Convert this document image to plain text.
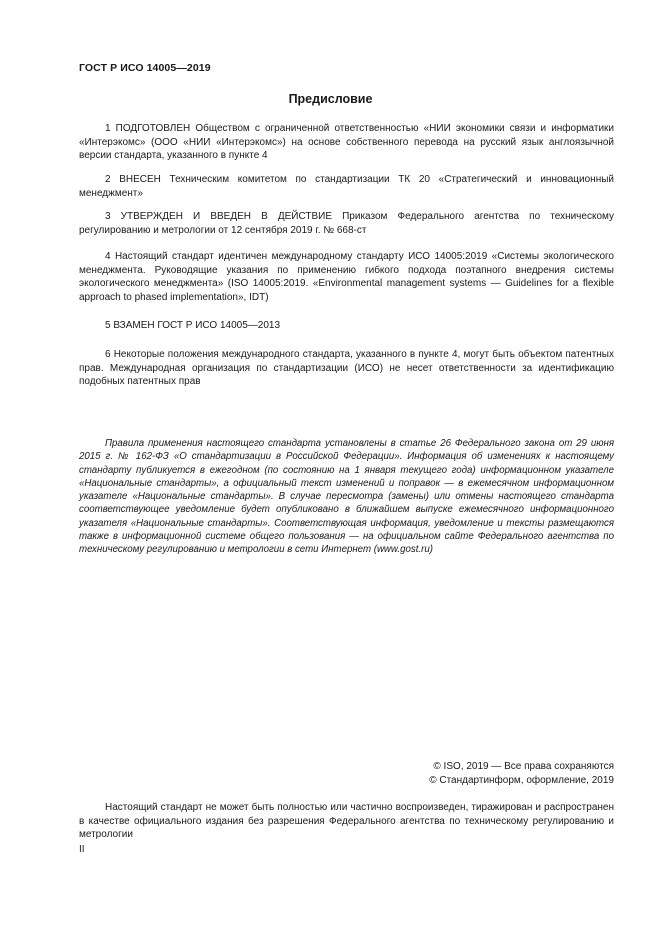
ГОСТ Р ИСО 14005—2019
Предисловие

1 ПОДГОТОВЛЕН Обществом с ограниченной ответственностью «НИИ экономики связи и информатики «Интерэкомс» (ООО «НИИ «Интерэкомс») на основе собственного перевода на русский язык англоязычной версии стандарта, указанного в пункте 4

2 ВНЕСЕН Техническим комитетом по стандартизации ТК 20 «Стратегический и инновационный менеджмент»

3 УТВЕРЖДЕН И ВВЕДЕН В ДЕЙСТВИЕ Приказом Федерального агентства по техническому регулированию и метрологии от 12 сентября 2019 г. № 668-ст

4 Настоящий стандарт идентичен международному стандарту ИСО 14005:2019 «Системы экологического менеджмента. Руководящие указания по применению гибкого подхода поэтапного внедрения системы экологического менеджмента» (ISO 14005:2019. «Environmental management systems — Guidelines for a flexible approach to phased implementation», IDT)

5 ВЗАМЕН ГОСТ Р ИСО 14005—2013

6 Некоторые положения международного стандарта, указанного в пункте 4, могут быть объектом патентных прав. Международная организация по стандартизации (ИСО) не несет ответственности за идентификацию подобных патентных прав

Правила применения настоящего стандарта установлены в статье 26 Федерального закона от 29 июня 2015 г. № 162-ФЗ «О стандартизации в Российской Федерации». Информация об изменениях к настоящему стандарту публикуется в ежегодном (по состоянию на 1 января текущего года) информационном указателе «Национальные стандарты», а официальный текст изменений и поправок — в ежемесячном информационном указателе «Национальные стандарты». В случае пересмотра (замены) или отмены настоящего стандарта соответствующее уведомление будет опубликовано в ближайшем выпуске ежемесячного информационного указателя «Национальные стандарты». Соответствующая информация, уведомление и тексты размещаются также в информационной системе общего пользования — на официальном сайте Федерального агентства по техническому регулированию и метрологии в сети Интернет (www.gost.ru)

© ISO, 2019 — Все права сохраняются
© Стандартинформ, оформление, 2019

Настоящий стандарт не может быть полностью или частично воспроизведен, тиражирован и распространен в качестве официального издания без разрешения Федерального агентства по техническому регулированию и метрологии

II
